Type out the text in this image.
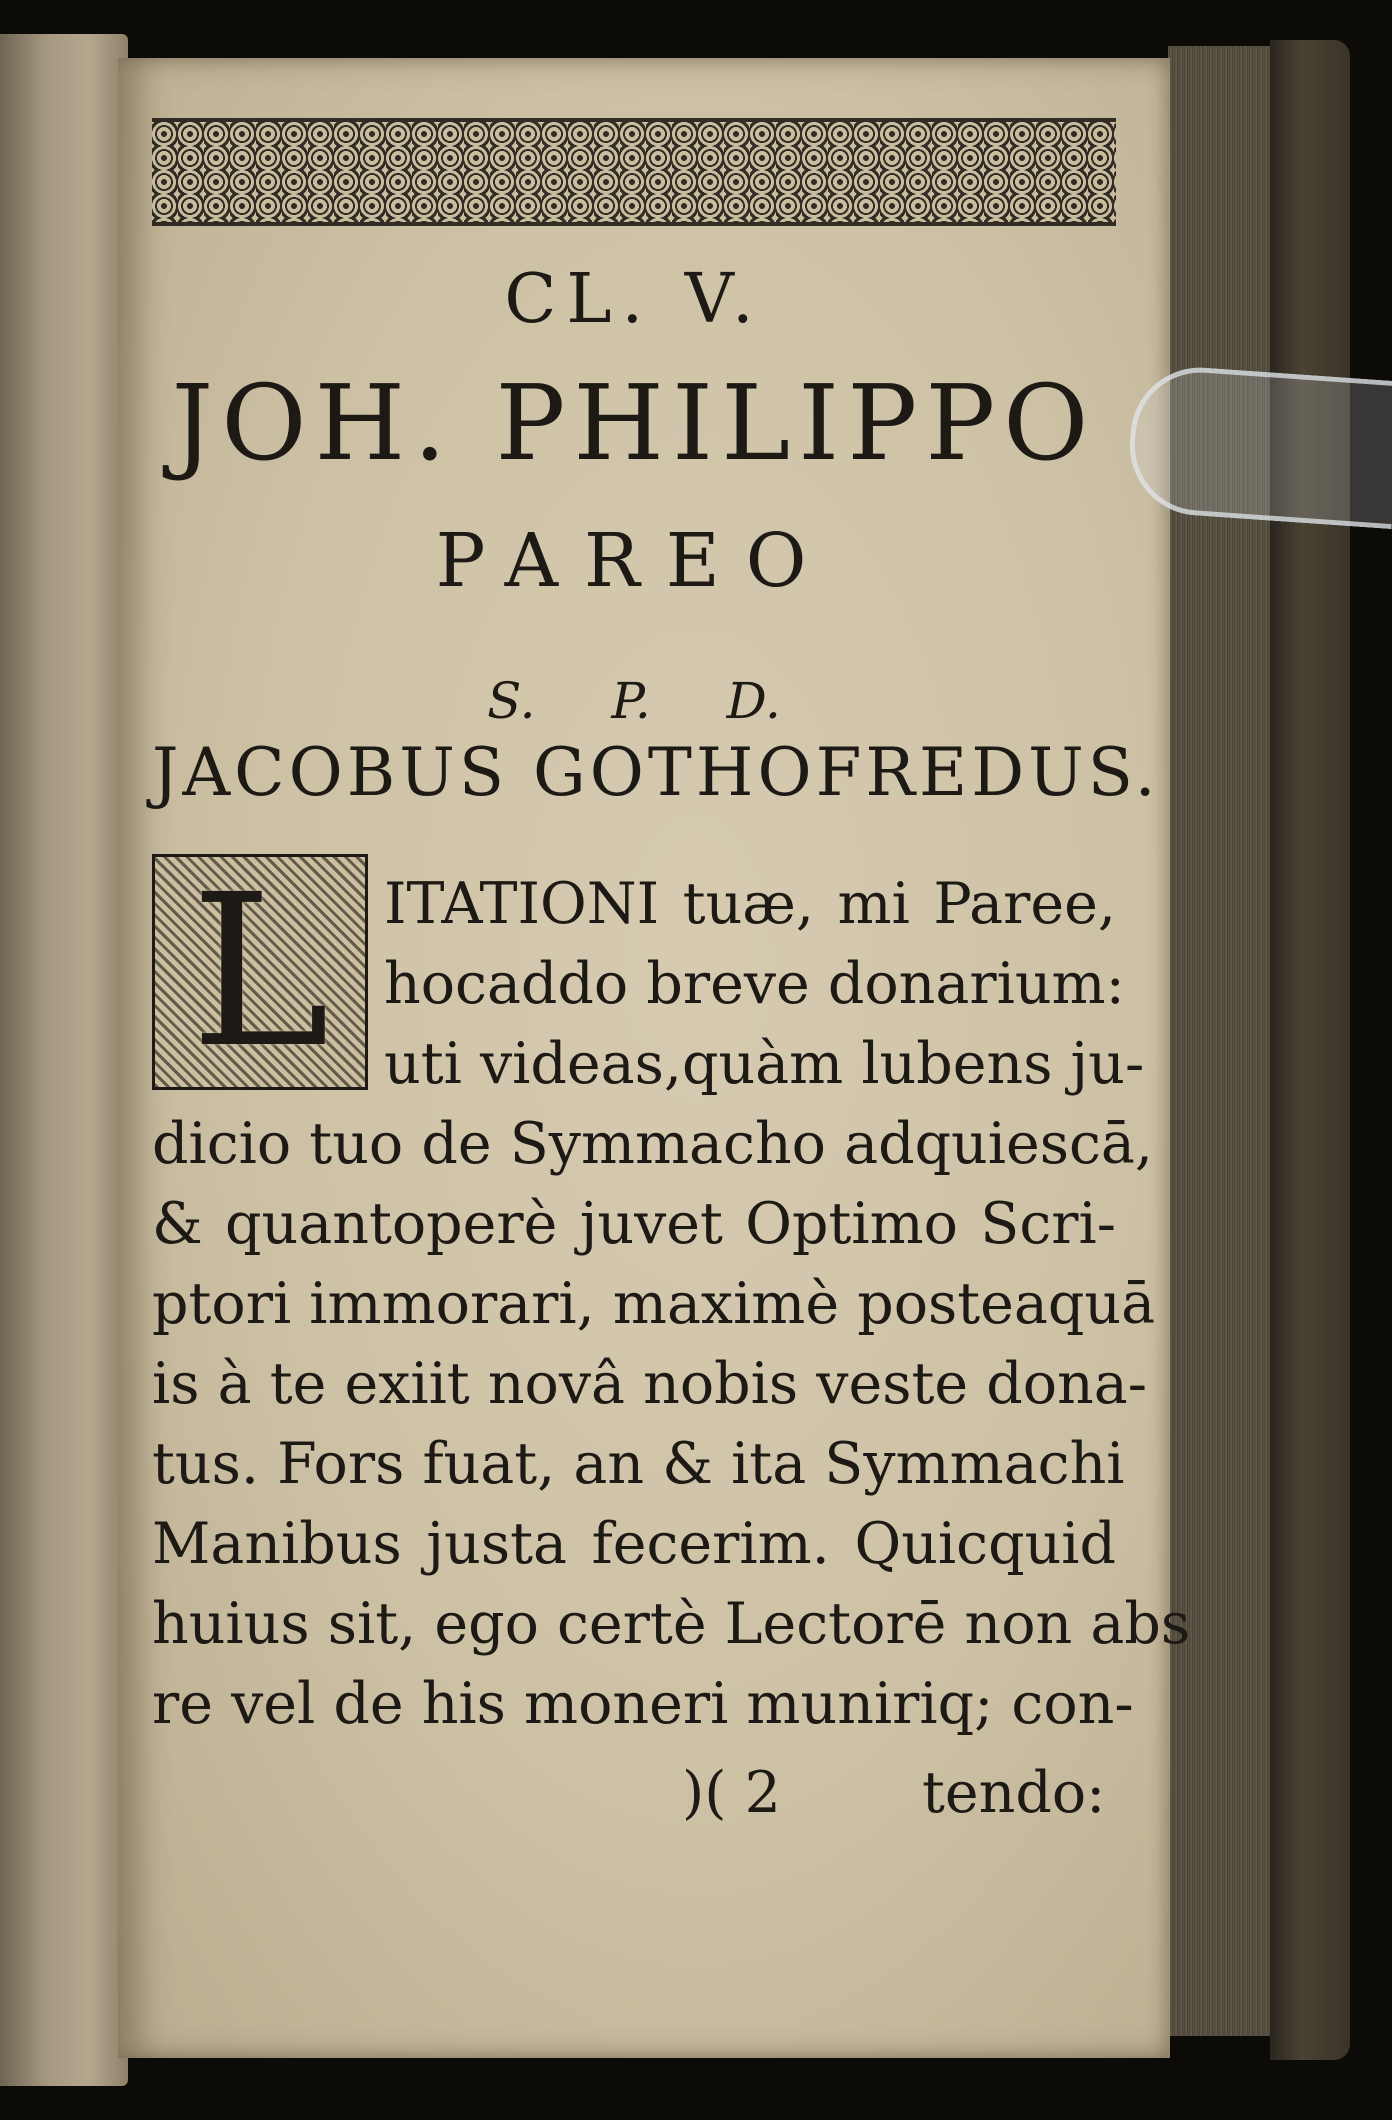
CL. V.
JOH. PHILIPPO
PAREO
S. P. D.
JACOBUS GOTHOFREDUS.
L ITATIONI tuæ, mi Paree,
hocaddo breve donarium:
uti videas,quàm lubens ju-
dicio tuo de Symmacho adquiescā,
& quantoperè juvet Optimo Scri-
ptori immorari, maximè posteaquā
is à te exiit novâ nobis veste dona-
tus. Fors fuat, an & ita Symmachi
Manibus justa fecerim. Quicquid
huius sit, ego certè Lectorē non abs
re vel de his moneri muniriq; con-
)( 2 tendo:
